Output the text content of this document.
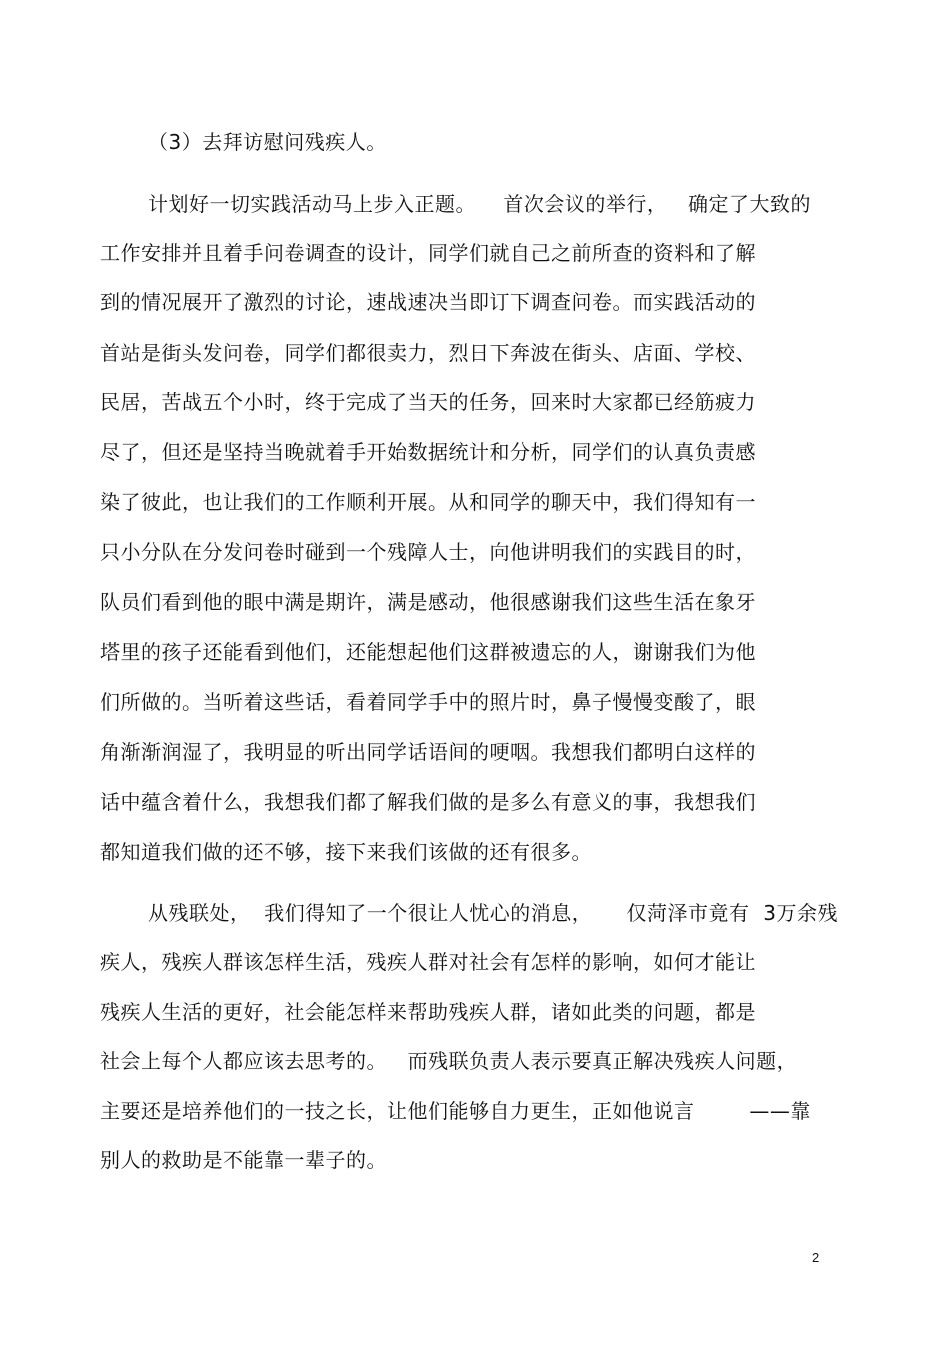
（3）去拜访慰问残疾人。
计划好一切实践活动马上步入正题。    首次会议的举行，   确定了大致的
工作安排并且着手问卷调查的设计，同学们就自己之前所查的资料和了解
到的情况展开了激烈的讨论，速战速决当即订下调查问卷。而实践活动的
首站是街头发问卷，同学们都很卖力，烈日下奔波在街头、店面、学校、
民居，苦战五个小时，终于完成了当天的任务，回来时大家都已经筋疲力
尽了，但还是坚持当晚就着手开始数据统计和分析，同学们的认真负责感
染了彼此，也让我们的工作顺利开展。从和同学的聊天中，我们得知有一
只小分队在分发问卷时碰到一个残障人士，向他讲明我们的实践目的时，
队员们看到他的眼中满是期许，满是感动，他很感谢我们这些生活在象牙
塔里的孩子还能看到他们，还能想起他们这群被遗忘的人，谢谢我们为他
们所做的。当听着这些话，看着同学手中的照片时，鼻子慢慢变酸了，眼
角渐渐润湿了，我明显的听出同学话语间的哽咽。我想我们都明白这样的
话中蕴含着什么，我想我们都了解我们做的是多么有意义的事，我想我们
都知道我们做的还不够，接下来我们该做的还有很多。
从残联处，  我们得知了一个很让人忧心的消息，     仅菏泽市竟有  3万余残
疾人，残疾人群该怎样生活，残疾人群对社会有怎样的影响，如何才能让
残疾人生活的更好，社会能怎样来帮助残疾人群，诸如此类的问题，都是
社会上每个人都应该去思考的。   而残联负责人表示要真正解决残疾人问题，
主要还是培养他们的一技之长，让他们能够自力更生，正如他说言        ——靠
别人的救助是不能靠一辈子的。
2
